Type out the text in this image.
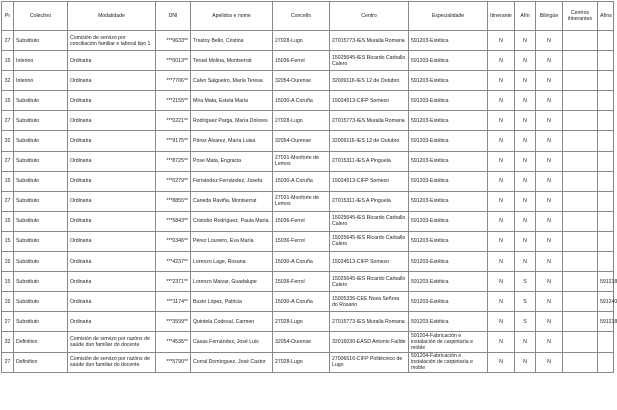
Pr	Colectivo	Modalidade	DNI	Apelidos e nome	Concello	Centro	Especialidade	Itinerante	Afín	Bilingüe	Centros itinerantes	Afíns
27	Substituto	Comisión de servizo por conciliación familiar e laboral tipo 1	***9633**	Trastoy Bello, Cristina	27028-Lugo	27015773-IES Muralla Romana	591203-Estética	N	N	N		
15	Interino	Ordinaria	***0013**	Teruel Molina, Montserrat	15036-Ferrol	15025645-IES Ricardo Carballo Calero	591203-Estética	N	N	N		
32	Interino	Ordinaria	***7706**	Calvo Salgueiro, María Teresa	32054-Ourense	32009116-IES 12 de Outubro	591203-Estética	N	N	N		
15	Substituto	Ordinaria	***2155**	Mira Mata, Estela María	15030-A Coruña	15024513-CIFP Someso	591203-Estética	N	N	N		
27	Substituto	Ordinaria	***0221**	Rodríguez Parga, María Dolores	27028-Lugo	27015773-IES Muralla Romana	591203-Estética	N	N	N		
32	Substituto	Ordinaria	***9175**	Pérez Álvarez, María Luisa	32054-Ourense	32009116-IES 12 de Outubro	591203-Estética	N	N	N		
27	Substituto	Ordinaria	***8725**	Pose Mata, Engracia	27031-Monforte de Lemos	27015311-IES A Pinguela	591203-Estética	N	N	N		
15	Substituto	Ordinaria	***0279**	Fernández Fernández, Josefa	15030-A Coruña	15024513-CIFP Someso	591203-Estética	N	N	N		
27	Substituto	Ordinaria	***8855**	Caneda Raviña, Montserrat	27031-Monforte de Lemos	27015311-IES A Pinguela	591203-Estética	N	N	N		
15	Substituto	Ordinaria	***5843**	Cristobo Rodríguez, Paula María	15036-Ferrol	15025645-IES Ricardo Carballo Calero	591203-Estética	N	N	N		
15	Substituto	Ordinaria	***0346**	Pérez Loureiro, Eva María	15036-Ferrol	15025645-IES Ricardo Carballo Calero	591203-Estética	N	N	N		
15	Substituto	Ordinaria	***4237**	Lorenzo Lage, Rosana	15030-A Coruña	15024513-CIFP Someso	591203-Estética	N	N	N		
15	Substituto	Ordinaria	***2371**	Lorenzo Maivar, Guadalupe	15036-Ferrol	15025645-IES Ricardo Carballo Calero	591203-Estética	N	S	N		591218
15	Substituto	Ordinaria	***1174**	Busto López, Patricia	15030-A Coruña	15005336-CEE Nosa Señora do Rosario	591203-Estética	N	S	N		591240
27	Substituto	Ordinaria	***3599**	Quintela Codesal, Carmen	27028-Lugo	27015773-IES Muralla Romana	591203-Estética	N	S	N		591218
32	Definitivo	Comisión de servizo por razóns de saúde dun familiar do docente	***4535**	Casas Fernández, José Luis	32054-Ourense	32016030-EASD Antonio Faílde	591204-Fabricación e instalación de carpintaría e moble	N	N	N		
27	Definitivo	Comisión de servizo por razóns de saúde dun familiar do docente	***5790**	Corral Domínguez, José Castor	27028-Lugo	27006516-CIFP Politécnico de Lugo	591204-Fabricación e instalación de carpintaría e moble	N	N	N		
